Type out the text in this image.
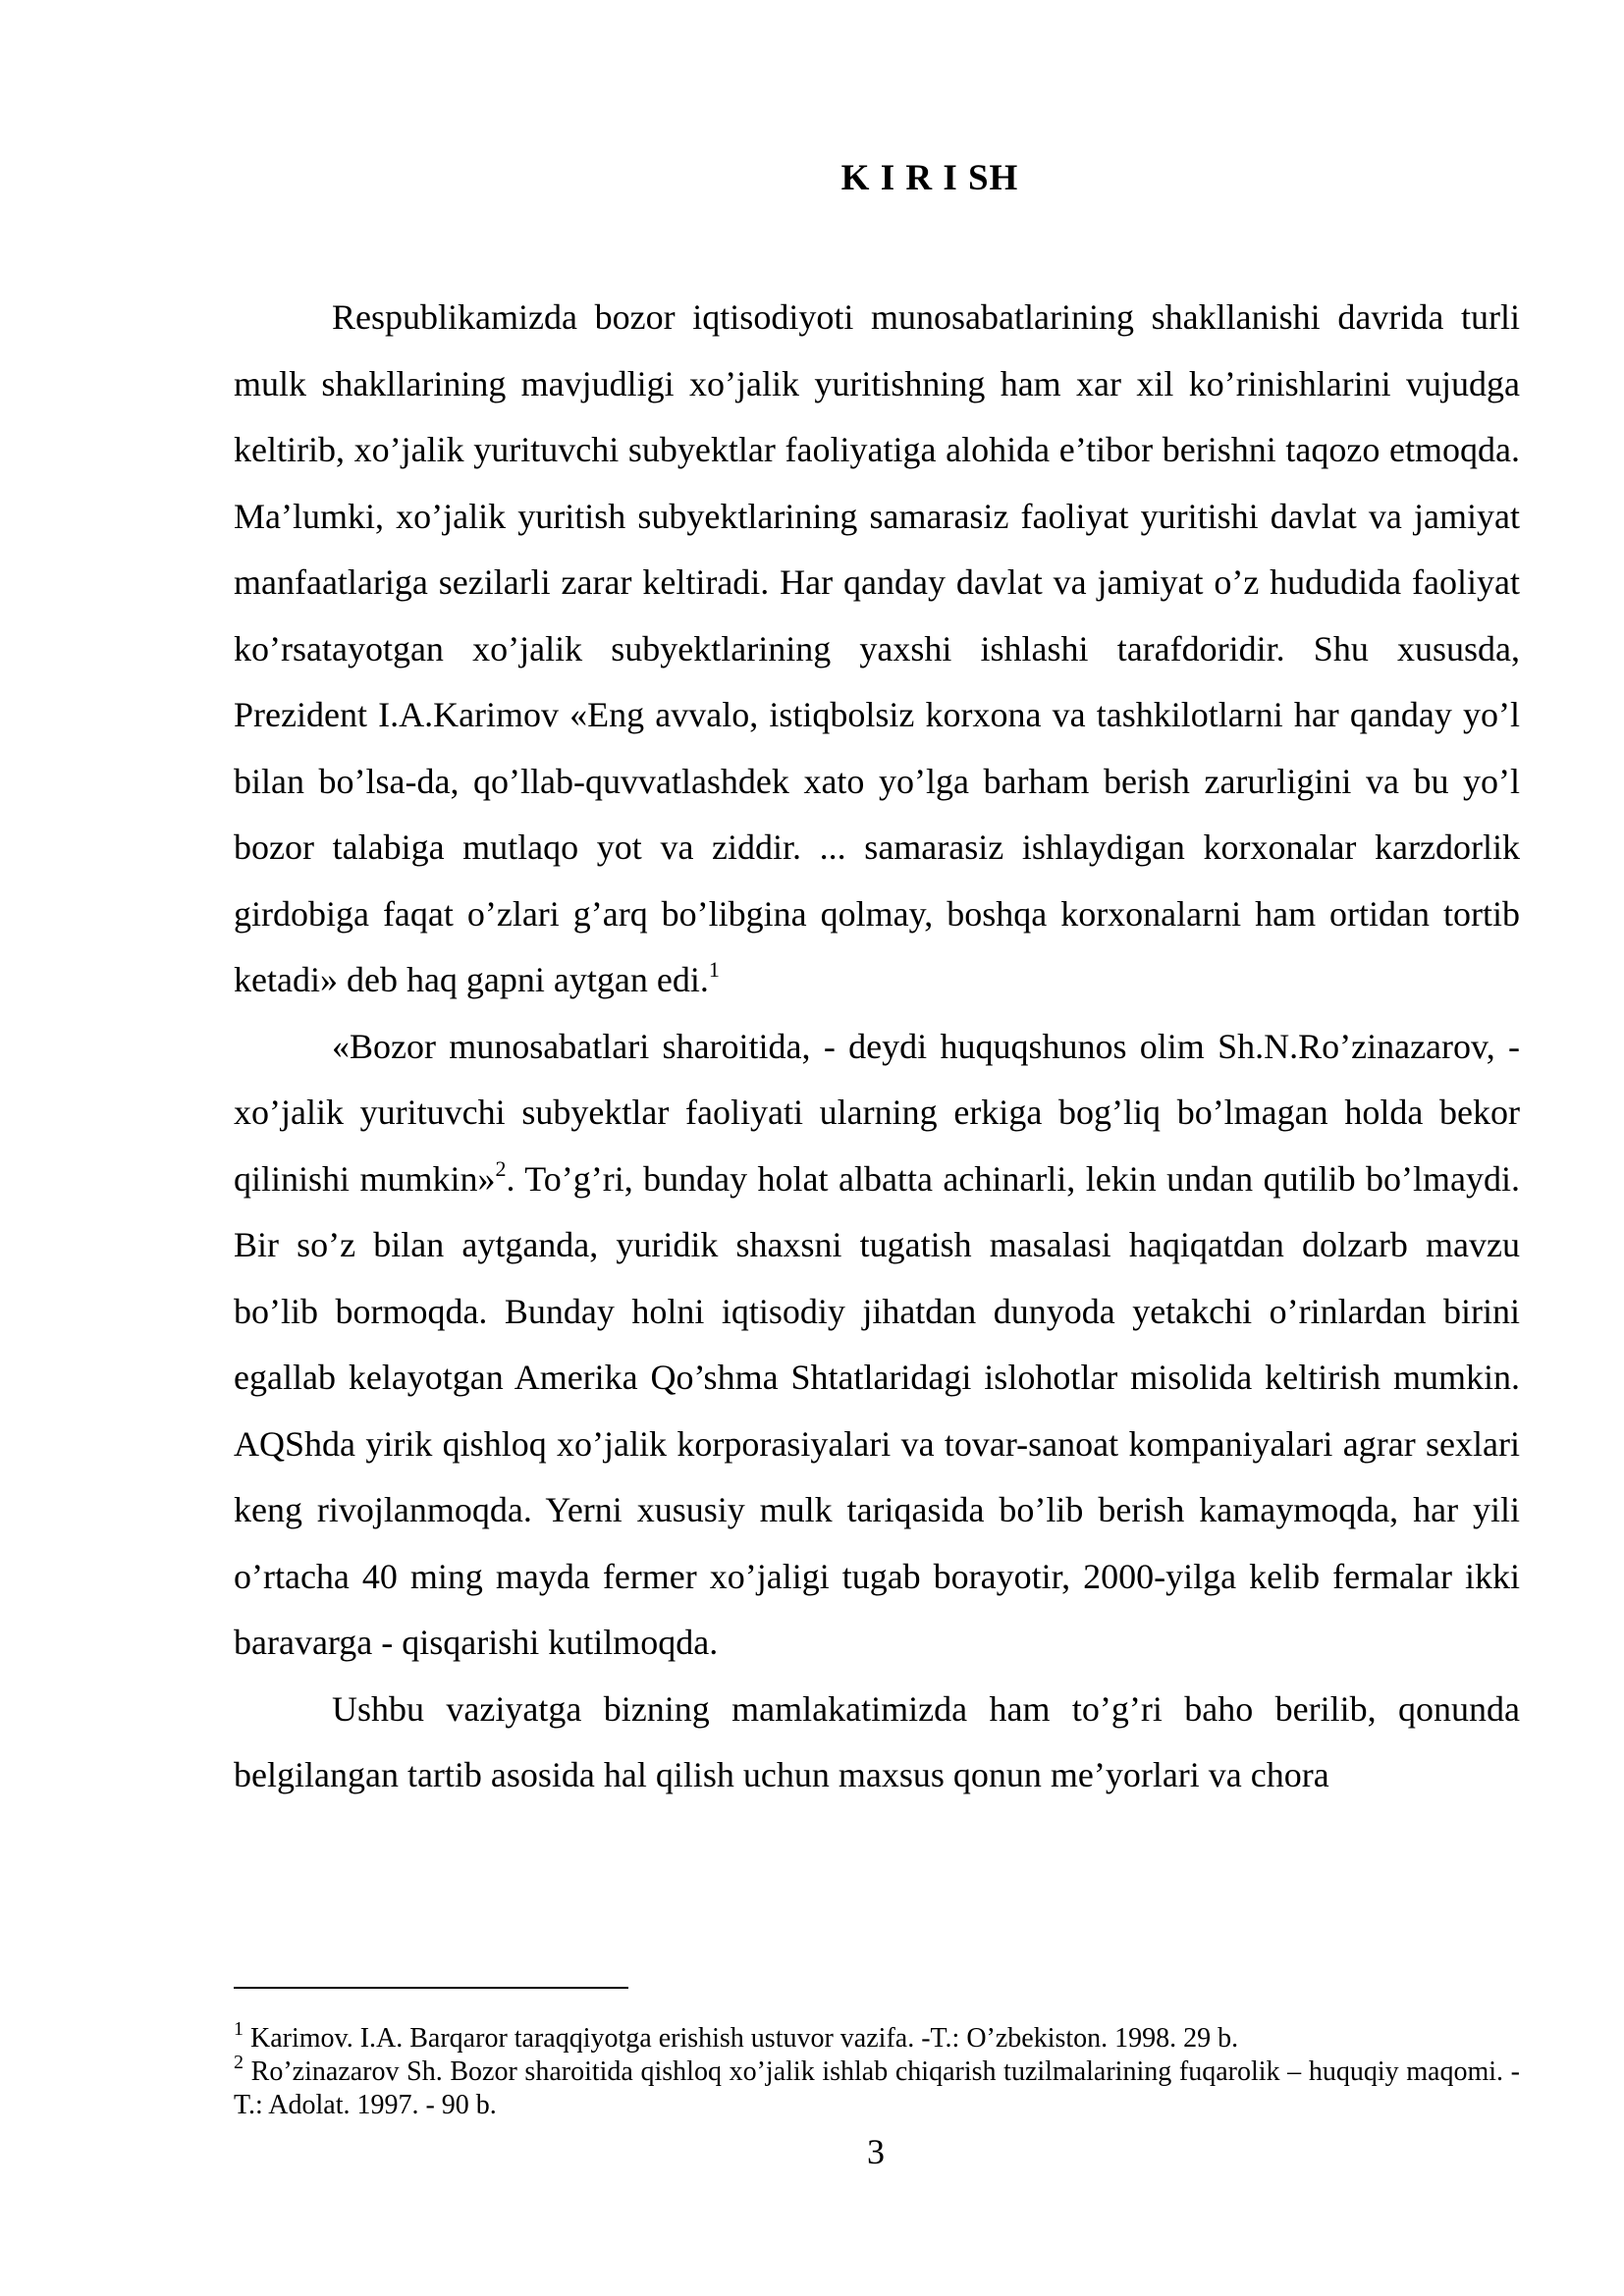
K I R I SH

Respublikamizda bozor iqtisodiyoti munosabatlarining shakllanishi davrida turli mulk shakllarining mavjudligi xo’jalik yuritishning ham xar xil ko’rinishlarini vujudga keltirib, xo’jalik yurituvchi subyektlar faoliyatiga alohida e’tibor berishni taqozo etmoqda. Ma’lumki, xo’jalik yuritish subyektlarining samarasiz faoliyat yuritishi davlat va jamiyat manfaatlariga sezilarli zarar keltiradi. Har qanday davlat va jamiyat o’z hududida faoliyat ko’rsatayotgan xo’jalik subyektlarining yaxshi ishlashi tarafdoridir. Shu xususda, Prezident I.A.Karimov «Eng avvalo, istiqbolsiz korxona va tashkilotlarni har qanday yo’l bilan bo’lsa-da, qo’llab-quvvatlashdek xato yo’lga barham berish zarurligini va bu yo’l bozor talabiga mutlaqo yot va ziddir. ... samarasiz ishlaydigan korxonalar karzdorlik girdobiga faqat o’zlari g’arq bo’libgina qolmay, boshqa korxonalarni ham ortidan tortib ketadi» deb haq gapni aytgan edi.$^1$

«Bozor munosabatlari sharoitida, - deydi huquqshunos olim Sh.N.Ro’zinazarov, - xo’jalik yurituvchi subyektlar faoliyati ularning erkiga bog’liq bo’lmagan holda bekor qilinishi mumkin»$^2$. To’g’ri, bunday holat albatta achinarli, lekin undan qutilib bo’lmaydi. Bir so’z bilan aytganda, yuridik shaxsni tugatish masalasi haqiqatdan dolzarb mavzu bo’lib bormoqda. Bunday holni iqtisodiy jihatdan dunyoda yetakchi o’rinlardan birini egallab kelayotgan Amerika Qo’shma Shtatlaridagi islohotlar misolida keltirish mumkin. AQShda yirik qishloq xo’jalik korporasiyalari va tovar-sanoat kompaniyalari agrar sexlari keng rivojlanmoqda. Yerni xususiy mulk tariqasida bo’lib berish kamaymoqda, har yili o’rtacha 40 ming mayda fermer xo’jaligi tugab borayotir, 2000-yilga kelib fermalar ikki baravarga - qisqarishi kutilmoqda.

Ushbu vaziyatga bizning mamlakatimizda ham to’g’ri baho berilib, qonunda belgilangan tartib asosida hal qilish uchun maxsus qonun me’yorlari va chora

$^1$ Karimov. I.A. Barqaror taraqqiyotga erishish ustuvor vazifa. -T.: O’zbekiston. 1998. 29 b.

$^2$ Ro’zinazarov Sh. Bozor sharoitida qishloq xo’jalik ishlab chiqarish tuzilmalarining fuqarolik – huquqiy maqomi. -T.: Adolat. 1997. - 90 b.

3
